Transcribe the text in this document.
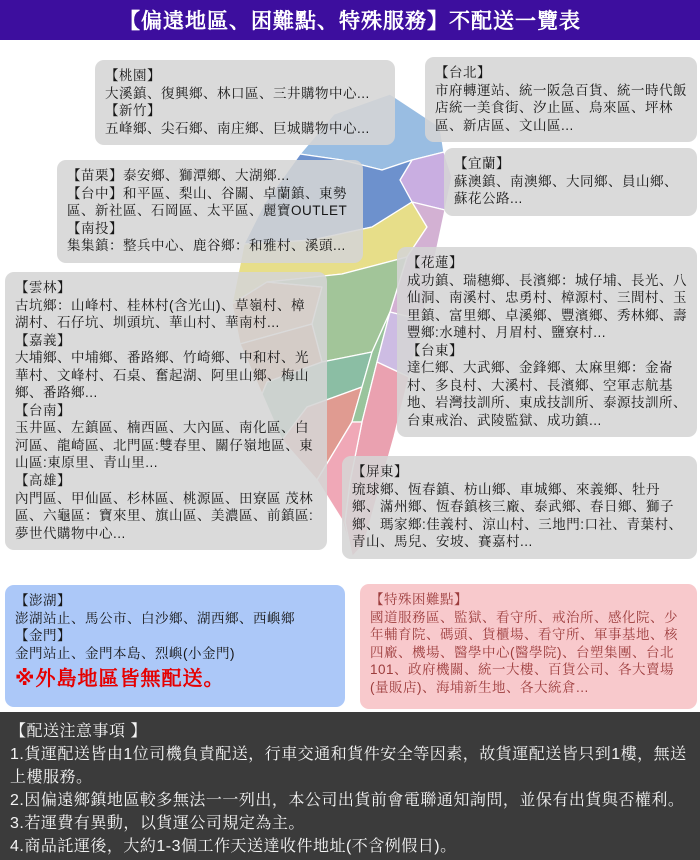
【偏遠地區、困難點、特殊服務】不配送一覽表
【桃園】
大溪鎮、復興鄉、林口區、三井購物中心...
【新竹】
五峰鄉、尖石鄉、南庄鄉、巨城購物中心...
【台北】
市府轉運站、統一阪急百貨、統一時代飯店統一美食街、汐止區、烏來區、坪林區、新店區、文山區...
【苗栗】泰安鄉、獅潭鄉、大湖鄉...
【台中】和平區、梨山、谷關、卓蘭鎮、東勢區、新社區、石岡區、太平區、麗寶OUTLET
【南投】
集集鎮：整兵中心、鹿谷鄉：和雅村、溪頭...
【宜蘭】
蘇澳鎮、南澳鄉、大同鄉、員山鄉、蘇花公路...
【花蓮】
成功鎮、瑞穗鄉、長濱鄉：城仔埔、長光、八仙洞、南溪村、忠勇村、樟源村、三間村、玉里鎮、富里鄉、卓溪鄉、豐濱鄉、秀林鄉、壽豐鄉:水璉村、月眉村、鹽寮村...
【台東】
達仁鄉、大武鄉、金鋒鄉、太麻里鄉：金崙村、多良村、大溪村、長濱鄉、空軍志航基地、岩灣技訓所、東成技訓所、泰源技訓所、台東戒治、武陵監獄、成功鎮...
【雲林】
古坑鄉：山峰村、桂林村(含光山)、草嶺村、樟湖村、石仔坑、圳頭坑、華山村、華南村...
【嘉義】
大埔鄉、中埔鄉、番路鄉、竹崎鄉、中和村、光華村、文峰村、石桌、奮起湖、阿里山鄉、梅山鄉、番路鄉...
【台南】
玉井區、左鎮區、楠西區、大內區、南化區、白河區、龍崎區、北門區:雙春里、關仔嶺地區、東山區:東原里、青山里...
【高雄】
內門區、甲仙區、杉林區、桃源區、田寮區 茂林區、六龜區：寶來里、旗山區、美濃區、前鎮區:夢世代購物中心...
【屏東】
琉球鄉、恆春鎮、枋山鄉、車城鄉、來義鄉、牡丹鄉、滿州鄉、恆春鎮核三廠、泰武鄉、春日鄉、獅子鄉、瑪家鄉:佳義村、涼山村、三地門:口社、青葉村、青山、馬兒、安坡、賽嘉村...
【澎湖】
澎湖站止、馬公市、白沙鄉、湖西鄉、西嶼鄉
【金門】
金門站止、金門本島、烈嶼(小金門)
※外島地區皆無配送。
【特殊困難點】
國道服務區、監獄、看守所、戒治所、感化院、少年輔育院、碼頭、貨櫃場、看守所、軍事基地、核四廠、機場、醫學中心(醫學院)、台塑集團、台北101、政府機關、統一大樓、百貨公司、各大賣場(量販店)、海埔新生地、各大統倉...
【配送注意事項 】
1.貨運配送皆由1位司機負責配送，行車交通和貨件安全等因素，故貨運配送皆只到1樓，無送上樓服務。
2.因偏遠鄉鎮地區較多無法一一列出，本公司出貨前會電聯通知詢問，並保有出貨與否權利。
3.若運費有異動，以貨運公司規定為主。
4.商品託運後，大約1-3個工作天送達收件地址(不含例假日)。
